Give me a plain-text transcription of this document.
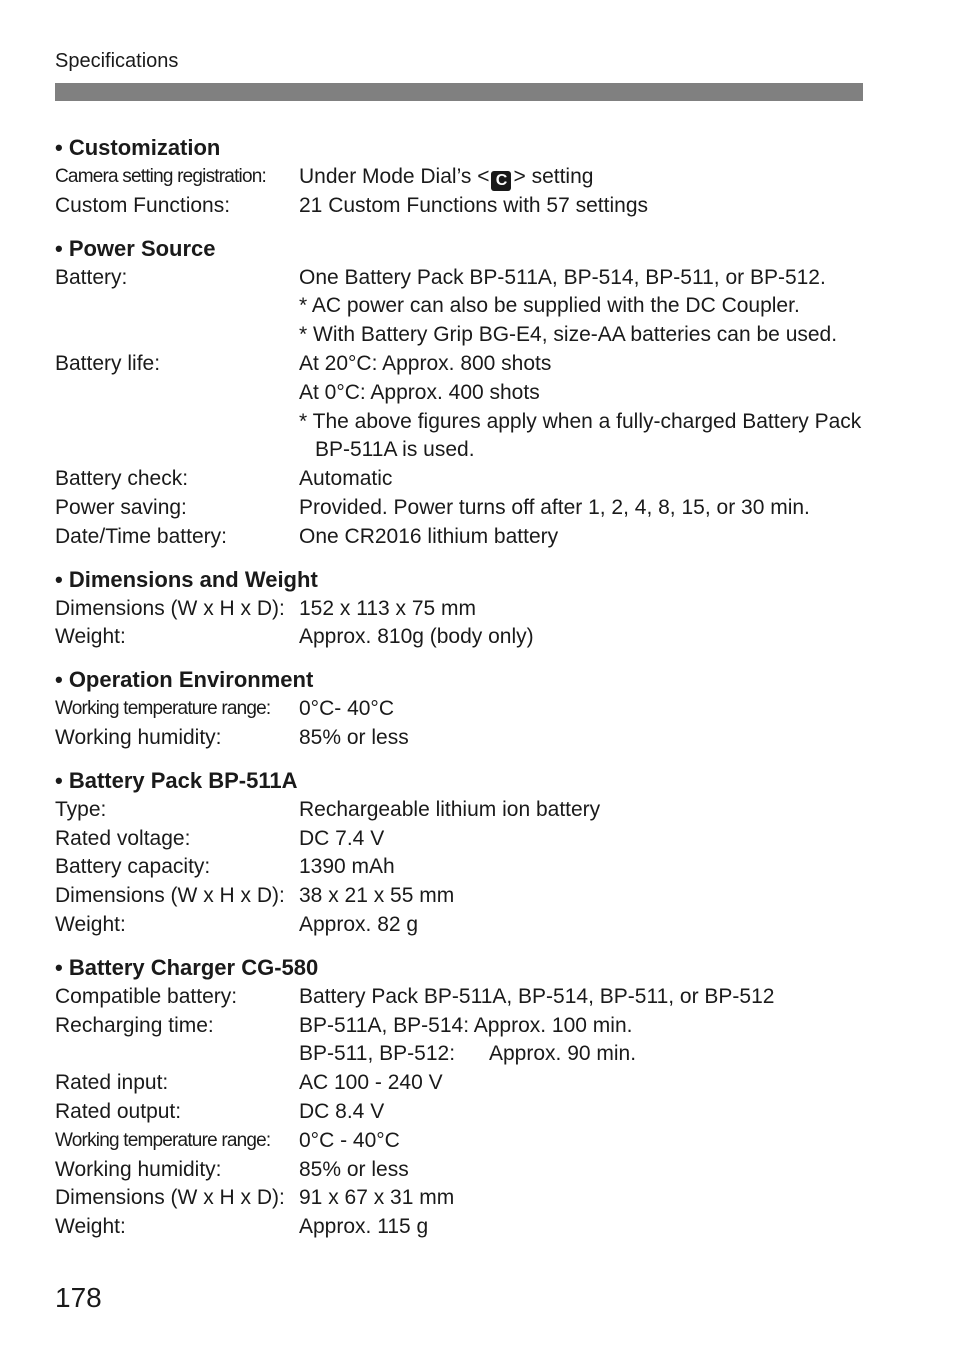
Specifications
• Customization
Camera setting registration:	Under Mode Dial’s < C > setting
Custom Functions:	21 Custom Functions with 57 settings
• Power Source
Battery:	One Battery Pack BP-511A, BP-514, BP-511, or BP-512.
* AC power can also be supplied with the DC Coupler.
* With Battery Grip BG-E4, size-AA batteries can be used.
Battery life:	At 20°C: Approx. 800 shots
At 0°C: Approx. 400 shots
* The above figures apply when a fully-charged Battery Pack BP-511A is used.
Battery check:	Automatic
Power saving:	Provided. Power turns off after 1, 2, 4, 8, 15, or 30 min.
Date/Time battery:	One CR2016 lithium battery
• Dimensions and Weight
Dimensions (W x H x D): 152 x 113 x 75 mm
Weight:	Approx. 810g (body only)
• Operation Environment
Working temperature range:	0°C- 40°C
Working humidity:	85% or less
• Battery Pack BP-511A
Type:	Rechargeable lithium ion battery
Rated voltage:	DC 7.4 V
Battery capacity:	1390 mAh
Dimensions (W x H x D): 38 x 21 x 55 mm
Weight:	Approx. 82 g
• Battery Charger CG-580
Compatible battery:	Battery Pack BP-511A, BP-514, BP-511, or BP-512
Recharging time:	BP-511A, BP-514: Approx. 100 min.
BP-511, BP-512: Approx. 90 min.
Rated input:	AC 100 - 240 V
Rated output:	DC 8.4 V
Working temperature range:	0°C - 40°C
Working humidity:	85% or less
Dimensions (W x H x D): 91 x 67 x 31 mm
Weight:	Approx. 115 g
178
